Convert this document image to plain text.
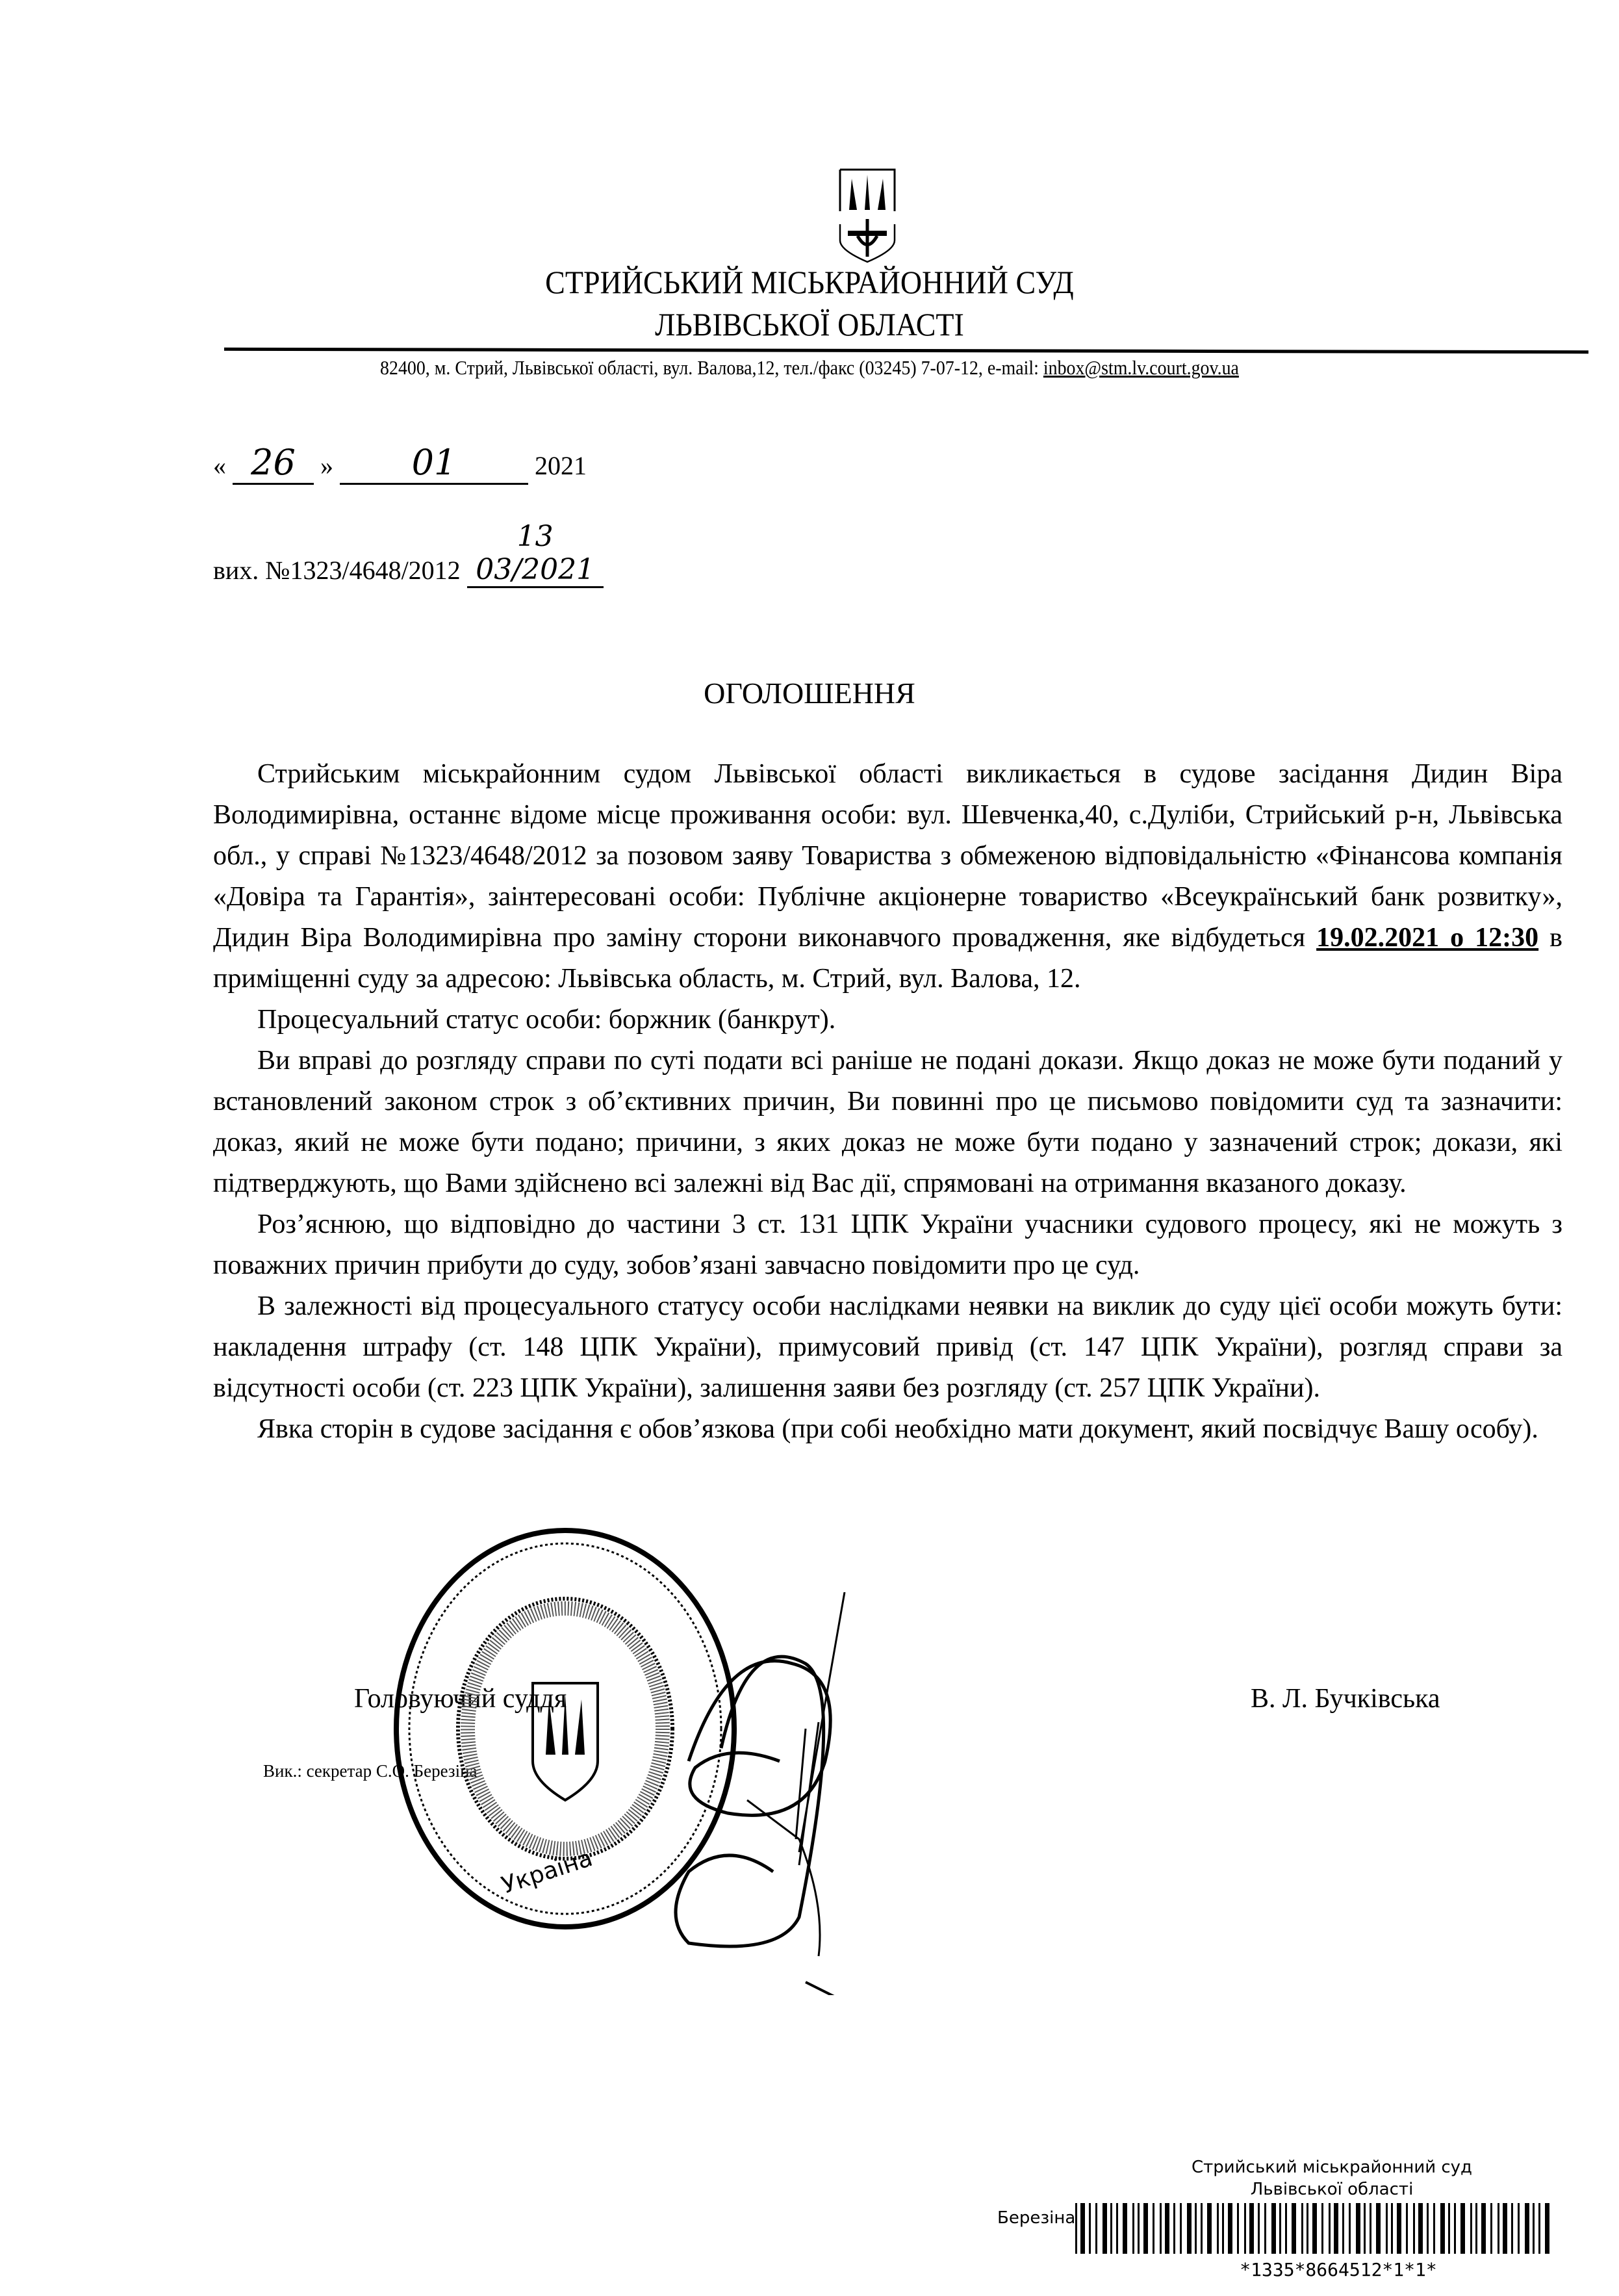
СТРИЙСЬКИЙ МІСЬКРАЙОННИЙ СУД
ЛЬВІВСЬКОЇ ОБЛАСТІ
82400, м. Стрий, Львівської області, вул. Валова,12, тел./факс (03245) 7-07-12, e-mail: inbox@stm.lv.court.gov.ua
« 26 » 01	2021
вих. №1323/4648/2012 13 03/2021
ОГОЛОШЕННЯ

Стрийським міськрайонним судом Львівської області викликається в судове засідання Дидин Віра Володимирівна, останнє відоме місце проживання особи: вул. Шевченка,40, с.Дуліби, Стрийський р-н, Львівська обл., у справі №1323/4648/2012 за позовом заяву Товариства з обмеженою відповідальністю «Фінансова компанія «Довіра та Гарантія», заінтересовані особи: Публічне акціонерне товариство «Всеукраїнський банк розвитку», Дидин Віра Володимирівна про заміну сторони виконавчого провадження, яке відбудеться 19.02.2021 о 12:30 в приміщенні суду за адресою: Львівська область, м. Стрий, вул. Валова, 12.

Процесуальний статус особи: боржник (банкрут).

Ви вправі до розгляду справи по суті подати всі раніше не подані докази. Якщо доказ не може бути поданий у встановлений законом строк з об’єктивних причин, Ви повинні про це письмово повідомити суд та зазначити: доказ, який не може бути подано; причини, з яких доказ не може бути подано у зазначений строк; докази, які підтверджують, що Вами здійснено всі залежні від Вас дії, спрямовані на отримання вказаного доказу.

Роз’яснюю, що відповідно до частини 3 ст. 131 ЦПК України учасники судового процесу, які не можуть з поважних причин прибути до суду, зобов’язані завчасно повідомити про це суд.

В залежності від процесуального статусу особи наслідками неявки на виклик до суду цієї особи можуть бути: накладення штрафу (ст. 148 ЦПК України), примусовий привід (ст. 147 ЦПК України), розгляд справи за відсутності особи (ст. 223 ЦПК України), залишення заяви без розгляду (ст. 257 ЦПК України).

Явка сторін в судове засідання є обов’язкова (при собі необхідно мати документ, який посвідчує Вашу особу).

Головуючий суддя	В. Л. Бучківська
Вик.: секретар С.О. Березіна
Україна
Стрийський міськрайонний суд
Львівської області
Березіна
*1335*8664512*1*1*
